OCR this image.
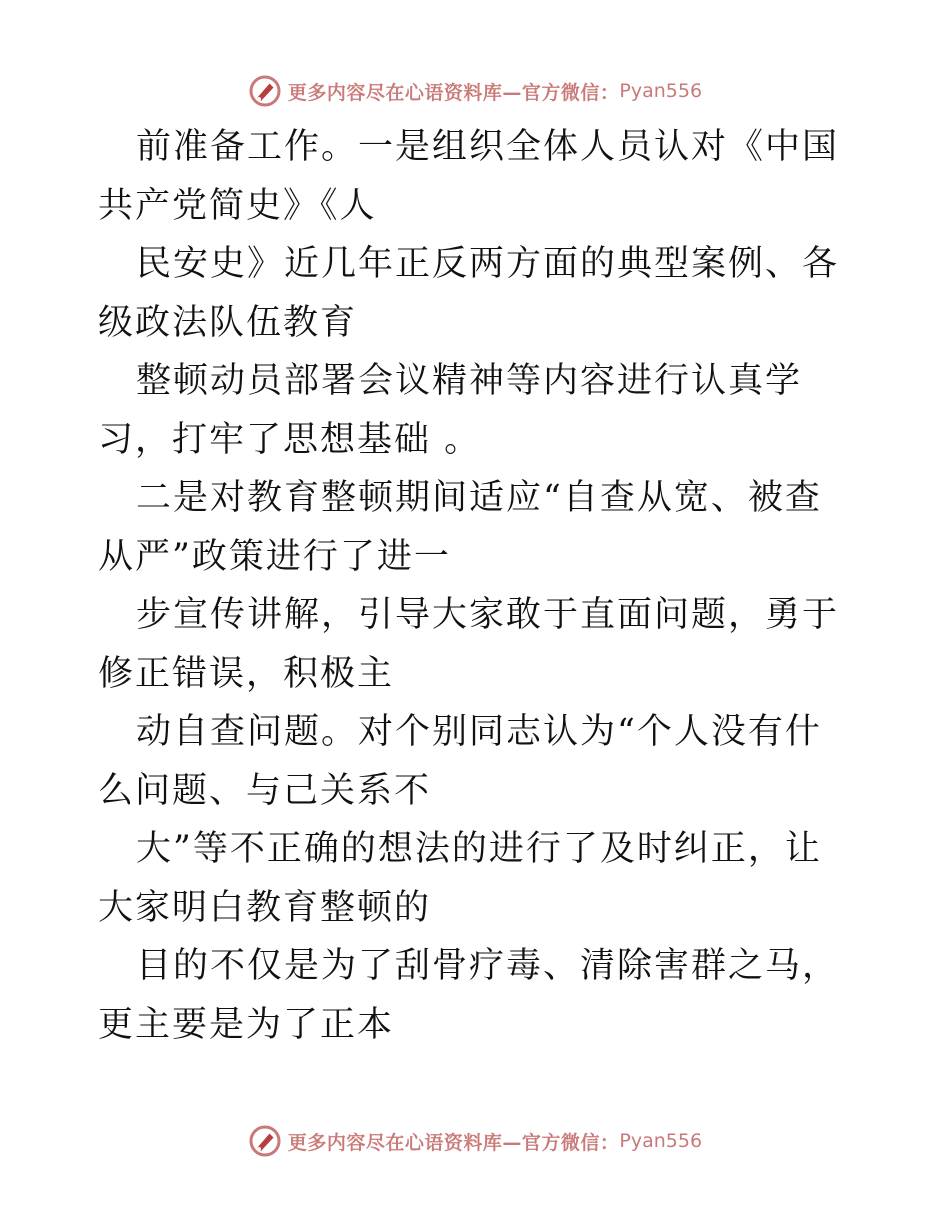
更多内容尽在心语资料库—官方微信： Pyan556

前准备工作。一是组织全体人员认对《中国共产党简史》《人

民安史》近几年正反两方面的典型案例、各级政法队伍教育

整顿动员部署会议精神等内容进行认真学习，打牢了思想基础 。

二是对教育整顿期间适应“自查从宽、被查从严”政策进行了进一

步宣传讲解，引导大家敢于直面问题，勇于修正错误，积极主

动自查问题。对个别同志认为“个人没有什么问题、与己关系不

大”等不正确的想法的进行了及时纠正，让大家明白教育整顿的

目的不仅是为了刮骨疗毒、清除害群之马，更主要是为了正本

更多内容尽在心语资料库—官方微信： Pyan556
